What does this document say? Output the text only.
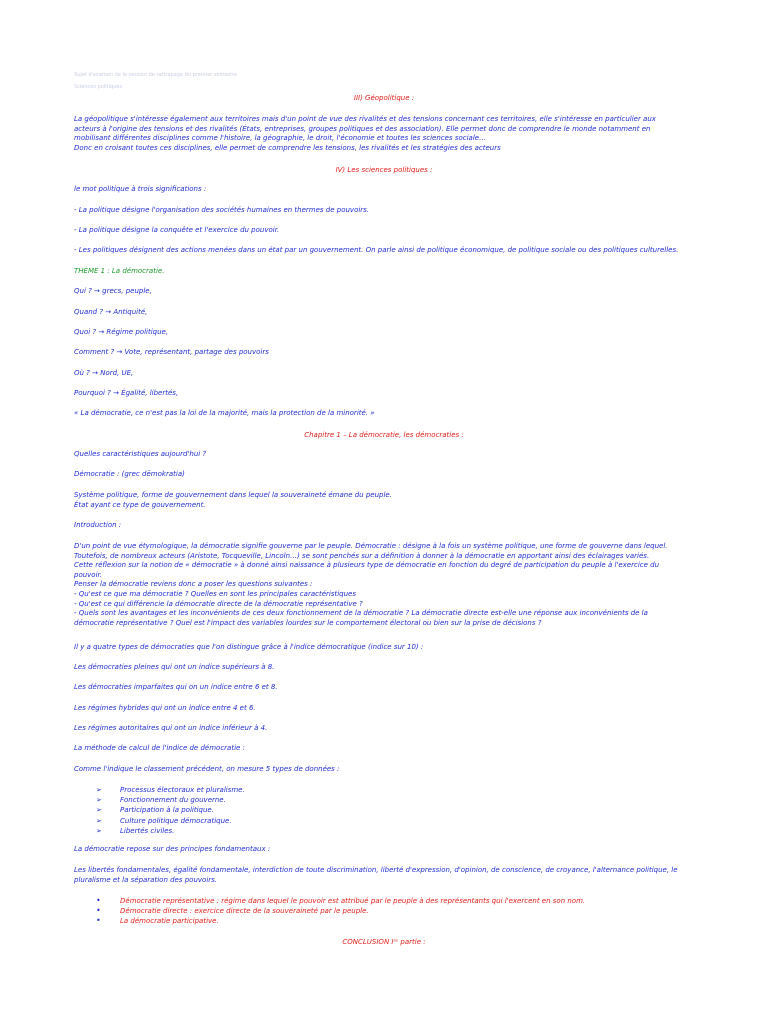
Sujet d'examen de la session de rattrapage du premier semestre

Sciences politiques

III) Géopolitique :

La géopolitique s'intéresse également aux territoires mais d'un point de vue des rivalités et des tensions concernant ces territoires, elle s'intéresse en particulier aux
acteurs à l'origine des tensions et des rivalités (États, entreprises, groupes politiques et des association). Elle permet donc de comprendre le monde notamment en
mobilisant différentes disciplines comme l'histoire, la géographie, le droit, l'économie et toutes les sciences sociale…
Donc en croisant toutes ces disciplines, elle permet de comprendre les tensions, les rivalités et les stratégies des acteurs

IV) Les sciences politiques :

le mot politique à trois significations :

- La politique désigne l'organisation des sociétés humaines en thermes de pouvoirs.

- La politique désigne la conquête et l'exercice du pouvoir.

- Les politiques désignent des actions menées dans un état par un gouvernement. On parle ainsi de politique économique, de politique sociale ou des politiques culturelles.

THÈME 1 : La démocratie.

Qui ? → grecs, peuple,

Quand ? → Antiquité,

Quoi ? → Régime politique,

Comment ? → Vote, représentant, partage des pouvoirs

Où ? → Nord, UE,

Pourquoi ? → Égalité, libertés,

« La démocratie, ce n'est pas la loi de la majorité, mais la protection de la minorité. »

Chapitre 1 – La démocratie, les démocraties :

Quelles caractéristiques aujourd'hui ?

Démocratie : (grec dēmokratia)

Système politique, forme de gouvernement dans lequel la souveraineté émane du peuple.
État ayant ce type de gouvernement.

Introduction :

D'un point de vue étymologique, la démocratie signifie gouverne par le peuple. Démocratie : désigne à la fois un système politique, une forme de gouverne dans lequel.
Toutefois, de nombreux acteurs (Aristote, Tocqueville, Lincoln…) se sont penchés sur a définition à donner à la démocratie en apportant ainsi des éclairages variés.
Cette réflexion sur la notion de « démocratie » à donné ainsi naissance à plusieurs type de démocratie en fonction du degré de participation du peuple à l'exercice du
pouvoir.
Penser la démocratie reviens donc a poser les questions suivantes :
- Qu'est ce que ma démocratie ? Quelles en sont les principales caractéristiques
- Qu'est ce qui différencie la démocratie directe de la démocratie représentative ?
- Quels sont les avantages et les inconvénients de ces deux fonctionnement de la démocratie ? La démocratie directe est-elle une réponse aux inconvénients de la
démocratie représentative ? Quel est l'impact des variables lourdes sur le comportement électoral ou bien sur la prise de décisions ?

Il y a quatre types de démocraties que l'on distingue grâce à l'indice démocratique (indice sur 10) :

Les démocraties pleines qui ont un indice supérieurs à 8.

Les démocraties imparfaites qui on un indice entre 6 et 8.

Les régimes hybrides qui ont un indice entre 4 et 6.

Les régimes autoritaires qui ont un indice inférieur à 4.

La méthode de calcul de l'indice de démocratie :

Comme l'indique le classement précédent, on mesure 5 types de données :

➢	Processus électoraux et pluralisme.
➢	Fonctionnement du gouverne.
➢	Participation à la politique.
➢	Culture politique démocratique.
➢	Libertés civiles.

La démocratie repose sur des principes fondamentaux :

Les libertés fondamentales, égalité fondamentale, interdiction de toute discrimination, liberté d'expression, d'opinion, de conscience, de croyance, l'alternance politique, le
pluralisme et la séparation des pouvoirs.
•	Démocratie représentative : régime dans lequel le pouvoir est attribué par le peuple à des représentants qui l'exercent en son nom.
•	Démocratie directe : exercice directe de la souveraineté par le peuple.
•	La démocratie participative.

CONCLUSION Iʳᵉ partie :
